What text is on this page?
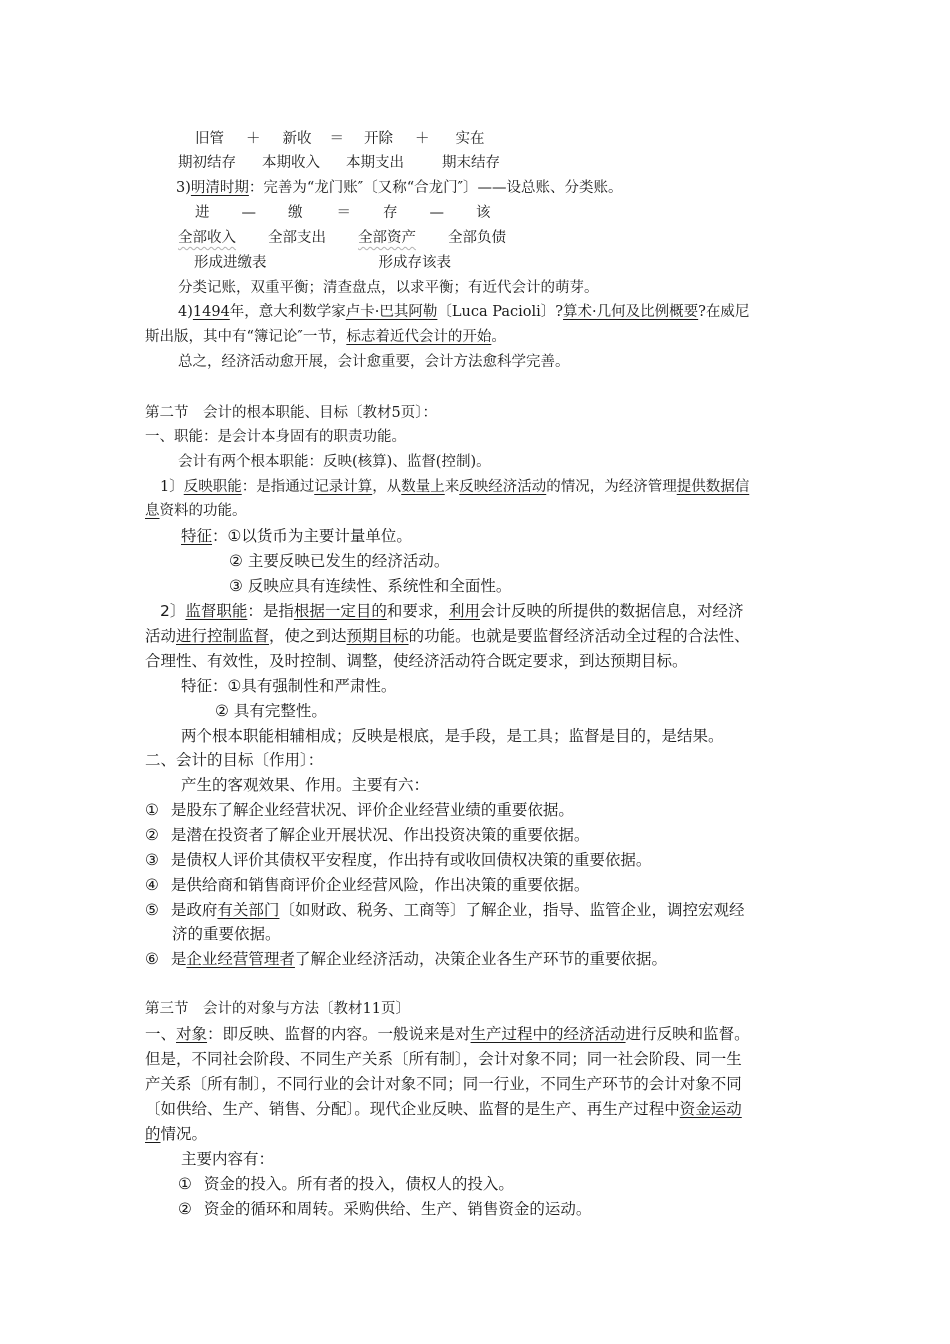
旧管 ＋ 新收 ＝ 开除 ＋ 实在
期初结存 本期收入 本期支出	期末结存
3)明清时期：完善为“龙门账″〔又称“合龙门″〕——设总账、分类账。
进 — 缴 ＝ 存 — 该
全部收入 全部支出 全部资产 全部负债
形成进缴表	形成存该表
分类记账，双重平衡；清查盘点，以求平衡；有近代会计的萌芽。
4)1494年，意大利数学家卢卡·巴其阿勒〔Luca Pacioli〕?算术·几何及比例概要?在威尼
斯出版，其中有“簿记论″一节，标志着近代会计的开始。
总之，经济活动愈开展，会计愈重要，会计方法愈科学完善。
第二节　会计的根本职能、目标〔教材5页〕：
一、职能：是会计本身固有的职责功能。
会计有两个根本职能：反映(核算)、监督(控制)。
1〕反映职能：是指通过记录计算，从数量上来反映经济活动的情况，为经济管理提供数据信
息资料的功能。
特征：①以货币为主要计量单位。
② 主要反映已发生的经济活动。
③ 反映应具有连续性、系统性和全面性。
2〕监督职能：是指根据一定目的和要求，利用会计反映的所提供的数据信息，对经济
活动进行控制监督，使之到达预期目标的功能。也就是要监督经济活动全过程的合法性、
合理性、有效性，及时控制、调整，使经济活动符合既定要求，到达预期目标。
特征：①具有强制性和严肃性。
② 具有完整性。
两个根本职能相辅相成；反映是根底，是手段，是工具；监督是目的，是结果。
二、会计的目标〔作用〕：
产生的客观效果、作用。主要有六：
① 是股东了解企业经营状况、评价企业经营业绩的重要依据。
② 是潜在投资者了解企业开展状况、作出投资决策的重要依据。
③ 是债权人评价其债权平安程度，作出持有或收回债权决策的重要依据。
④ 是供给商和销售商评价企业经营风险，作出决策的重要依据。
⑤ 是政府有关部门〔如财政、税务、工商等〕了解企业，指导、监管企业，调控宏观经
济的重要依据。
⑥ 是企业经营管理者了解企业经济活动，决策企业各生产环节的重要依据。
第三节　会计的对象与方法〔教材11页〕
一、对象：即反映、监督的内容。一般说来是对生产过程中的经济活动进行反映和监督。
但是，不同社会阶段、不同生产关系〔所有制〕，会计对象不同；同一社会阶段、同一生
产关系〔所有制〕，不同行业的会计对象不同；同一行业，不同生产环节的会计对象不同
〔如供给、生产、销售、分配〕。现代企业反映、监督的是生产、再生产过程中资金运动
的情况。
主要内容有：
① 资金的投入。所有者的投入，债权人的投入。
② 资金的循环和周转。采购供给、生产、销售资金的运动。
